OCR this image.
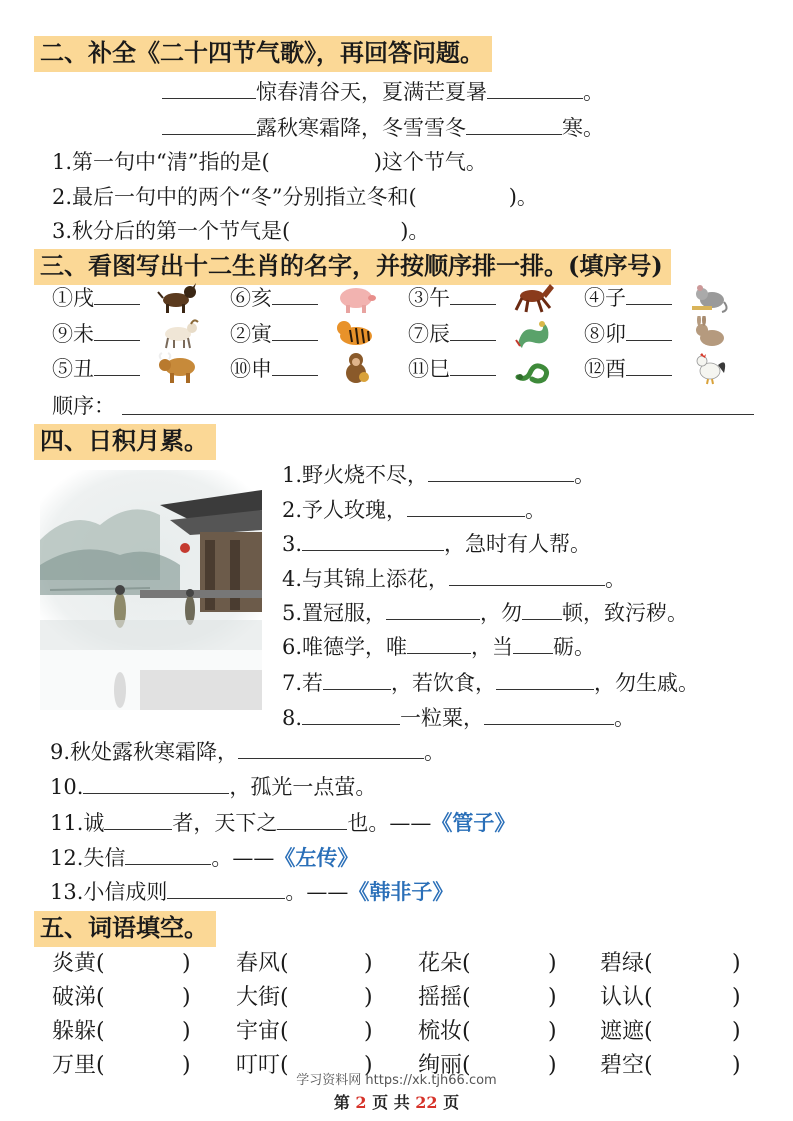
二、补全《二十四节气歌》，再回答问题。
惊春清谷天，夏满芒夏暑	。
露秋寒霜降，冬雪雪冬	寒。
1.第一句中“清”指的是(	)这个节气。
2.最后一句中的两个“冬”分别指立冬和(	)。
3.秋分后的第一个节气是(	)。
三、看图写出十二生肖的名字，并按顺序排一排。(填序号)
①戌	⑥亥	③午	④子
⑨未	②寅	⑦辰	⑧卯
⑤丑	⑩申	⑪巳	⑫酉
顺序：
四、日积月累。
1.野火烧不尽，	。
2.予人玫瑰，	。
3.	，急时有人帮。
4.与其锦上添花，	。
5.置冠服，	，勿 顿，致污秽。
6.唯德学，唯	，当 砺。
7.若	，若饮食，	，勿生戚。
8.	一粒粟，	。
9.秋处露秋寒霜降，	。
10.	，孤光一点萤。
11.诚	者，天下之	也。——《管子》
12.失信	。——《左传》
13.小信成则	。——《韩非子》
五、词语填空。
炎黄(	) 春风(	) 花朵(	) 碧绿(	)
破涕(	) 大街(	) 摇摇(	) 认认(	)
躲躲(	) 宇宙(	) 梳妆(	) 遮遮(	)
万里(	) 叮叮(	) 绚丽(	) 碧空(	)
学习资料网 https://xk.tjh66.com
第 2 页 共 22 页
